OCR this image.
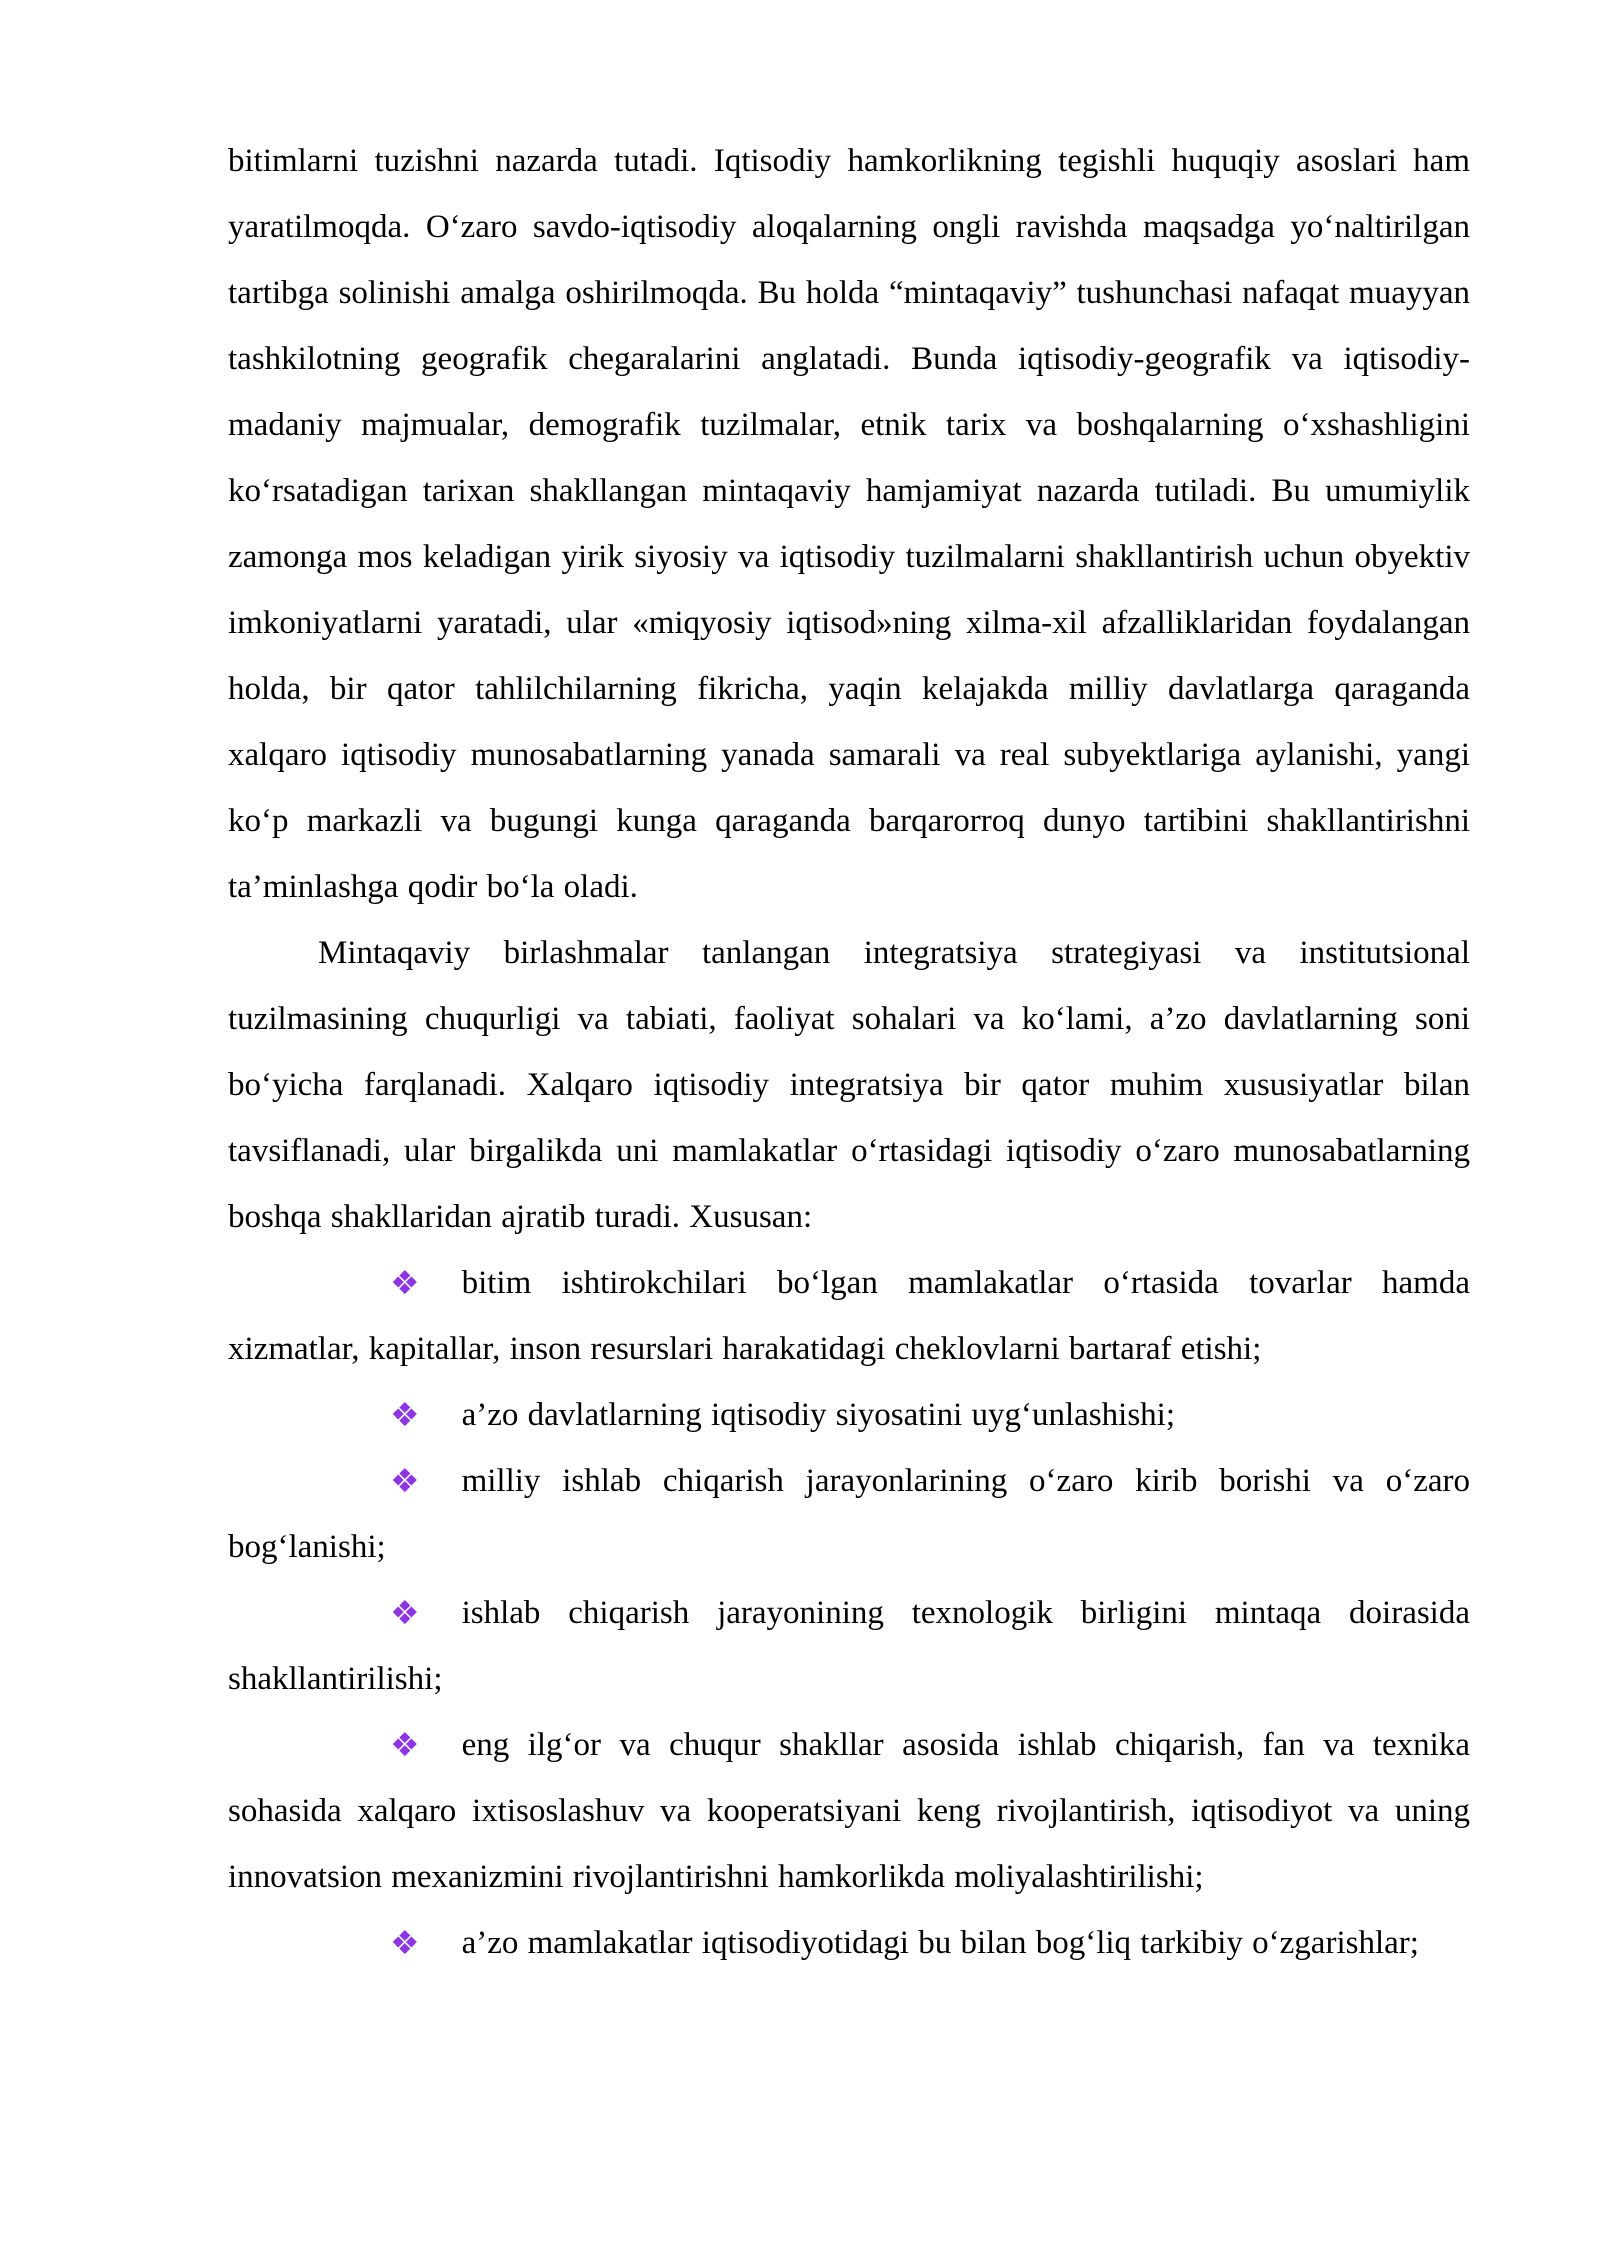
bitimlarni tuzishni nazarda tutadi. Iqtisodiy hamkorlikning tegishli huquqiy asoslari ham yaratilmoqda. O‘zaro savdo-iqtisodiy aloqalarning ongli ravishda maqsadga yo‘naltirilgan tartibga solinishi amalga oshirilmoqda. Bu holda “mintaqaviy” tushunchasi nafaqat muayyan tashkilotning geografik chegaralarini anglatadi. Bunda iqtisodiy-geografik va iqtisodiy-madaniy majmualar, demografik tuzilmalar, etnik tarix va boshqalarning o‘xshashligini ko‘rsatadigan tarixan shakllangan mintaqaviy hamjamiyat nazarda tutiladi. Bu umumiylik zamonga mos keladigan yirik siyosiy va iqtisodiy tuzilmalarni shakllantirish uchun obyektiv imkoniyatlarni yaratadi, ular «miqyosiy iqtisod»ning xilma-xil afzalliklaridan foydalangan holda, bir qator tahlilchilarning fikricha, yaqin kelajakda milliy davlatlarga qaraganda xalqaro iqtisodiy munosabatlarning yanada samarali va real subyektlariga aylanishi, yangi ko‘p markazli va bugungi kunga qaraganda barqarorroq dunyo tartibini shakllantirishni ta’minlashga qodir bo‘la oladi.

Mintaqaviy birlashmalar tanlangan integratsiya strategiyasi va institutsional tuzilmasining chuqurligi va tabiati, faoliyat sohalari va ko‘lami, a’zo davlatlarning soni bo‘yicha farqlanadi. Xalqaro iqtisodiy integratsiya bir qator muhim xususiyatlar bilan tavsiflanadi, ular birgalikda uni mamlakatlar o‘rtasidagi iqtisodiy o‘zaro munosabatlarning boshqa shakllaridan ajratib turadi. Xususan:

❖ bitim ishtirokchilari bo‘lgan mamlakatlar o‘rtasida tovarlar hamda xizmatlar, kapitallar, inson resurslari harakatidagi cheklovlarni bartaraf etishi;

❖ a’zo davlatlarning iqtisodiy siyosatini uyg‘unlashishi;

❖ milliy ishlab chiqarish jarayonlarining o‘zaro kirib borishi va o‘zaro bog‘lanishi;

❖ ishlab chiqarish jarayonining texnologik birligini mintaqa doirasida shakllantirilishi;

❖ eng ilg‘or va chuqur shakllar asosida ishlab chiqarish, fan va texnika sohasida xalqaro ixtisoslashuv va kooperatsiyani keng rivojlantirish, iqtisodiyot va uning innovatsion mexanizmini rivojlantirishni hamkorlikda moliyalashtirilishi;

❖ a’zo mamlakatlar iqtisodiyotidagi bu bilan bog‘liq tarkibiy o‘zgarishlar;
